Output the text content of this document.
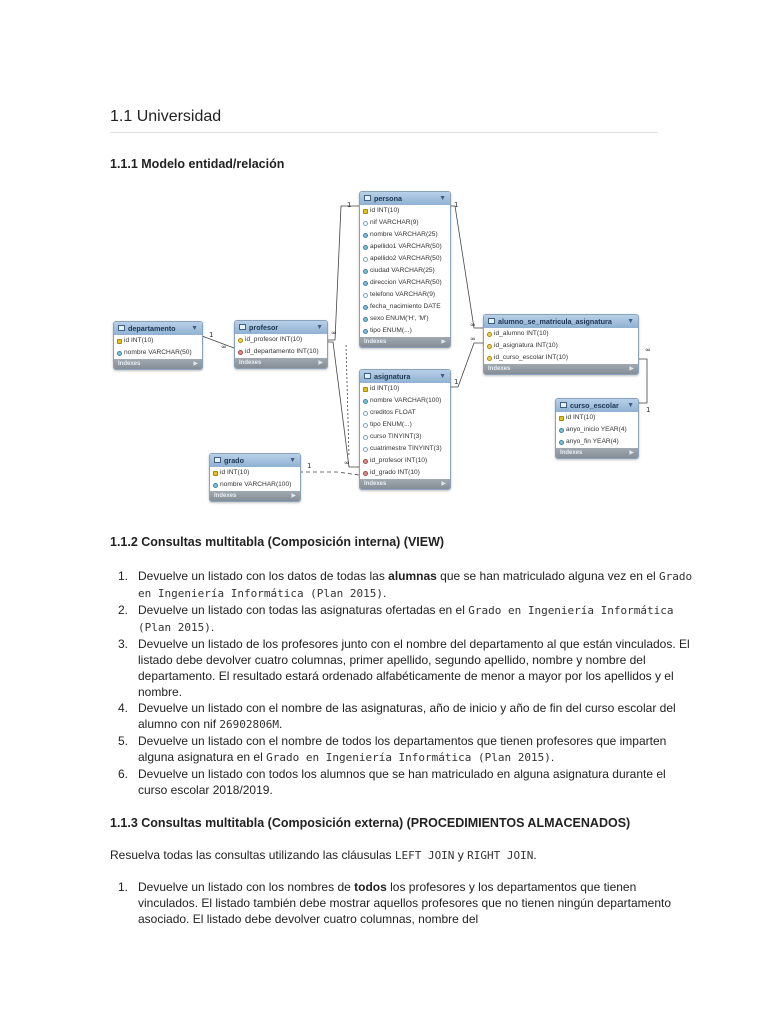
1.1 Universidad
1.1.1 Modelo entidad/relación
1
∞
1
∞
1
∞
∞
1
1	∞
∞
1
departamento ▼
id INT(10)
nombre VARCHAR(50)
Indexes	▶
profesor	▼
id_profesor INT(10)
id_departamento INT(10)
Indexes	▶
persona	▼
id INT(10)
nif VARCHAR(9)
nombre VARCHAR(25)
apellido1 VARCHAR(50)
apellido2 VARCHAR(50)
ciudad VARCHAR(25)
direccion VARCHAR(50)
telefono VARCHAR(9)
fecha_nacimiento DATE
sexo ENUM('H', 'M')
tipo ENUM(...)
Indexes	▶
asignatura	▼
id INT(10)
nombre VARCHAR(100)
creditos FLOAT
tipo ENUM(...)
curso TINYINT(3)
cuatrimestre TINYINT(3)
id_profesor INT(10)
id_grado INT(10)
Indexes	▶
grado	▼
id INT(10)
nombre VARCHAR(100)
Indexes	▶
alumno_se_matricula_asignatura ▼
id_alumno INT(10)
id_asignatura INT(10)
id_curso_escolar INT(10)
Indexes	▶
curso_escolar ▼
id INT(10)
anyo_inicio YEAR(4)
anyo_fin YEAR(4)
Indexes	▶
1.1.2 Consultas multitabla (Composición interna) (VIEW)
Devuelve un listado con los datos de todas las alumnas que se han matriculado alguna vez en el Grado en Ingeniería Informática (Plan 2015).
Devuelve un listado con todas las asignaturas ofertadas en el Grado en Ingeniería Informática (Plan 2015).
Devuelve un listado de los profesores junto con el nombre del departamento al que están vinculados. El listado debe devolver cuatro columnas, primer apellido, segundo apellido, nombre y nombre del departamento. El resultado estará ordenado alfabéticamente de menor a mayor por los apellidos y el nombre.
Devuelve un listado con el nombre de las asignaturas, año de inicio y año de fin del curso escolar del alumno con nif 26902806M.
Devuelve un listado con el nombre de todos los departamentos que tienen profesores que imparten alguna asignatura en el Grado en Ingeniería Informática (Plan 2015).
Devuelve un listado con todos los alumnos que se han matriculado en alguna asignatura durante el curso escolar 2018/2019.
1.1.3 Consultas multitabla (Composición externa) (PROCEDIMIENTOS ALMACENADOS)

Resuelva todas las consultas utilizando las cláusulas LEFT JOIN y RIGHT JOIN.

Devuelve un listado con los nombres de todos los profesores y los departamentos que tienen vinculados. El listado también debe mostrar aquellos profesores que no tienen ningún departamento asociado. El listado debe devolver cuatro columnas, nombre del
